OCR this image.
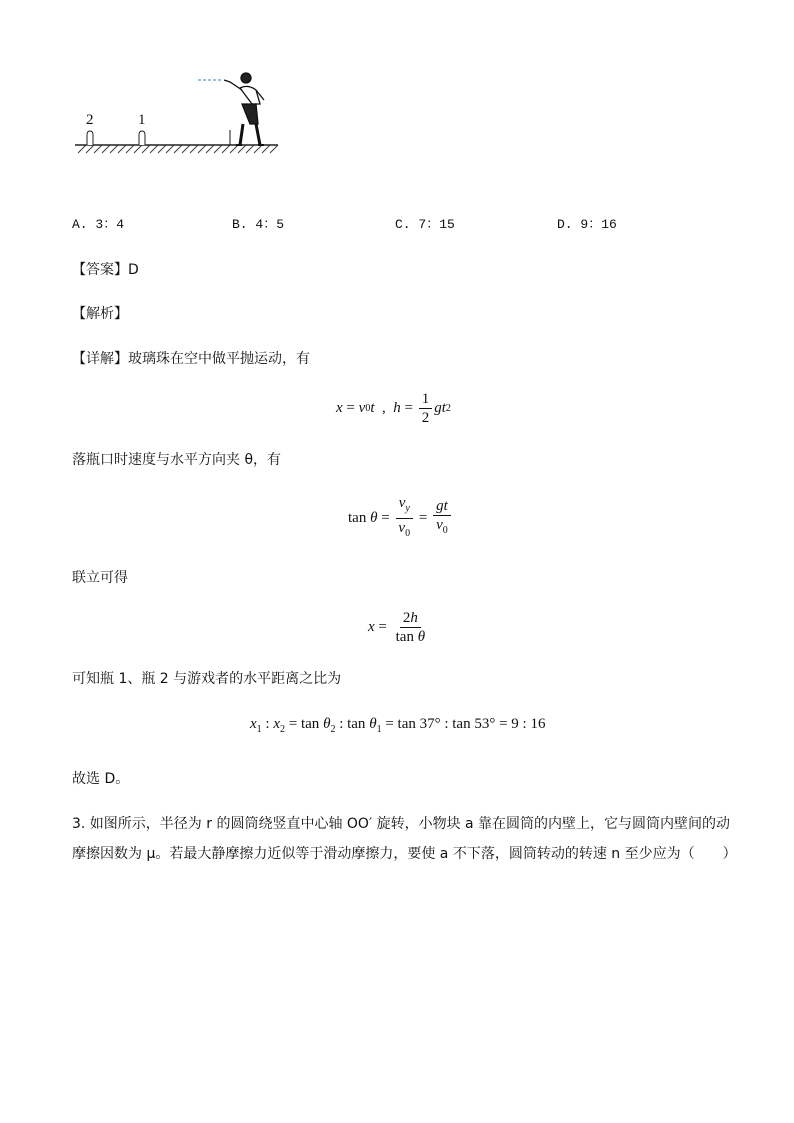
2	1
A. 3：4	B. 4：5	C. 7：15	D. 9：16
【答案】D
【解析】
【详解】玻璃珠在空中做平抛运动，有
x = v 0 t , $h = \frac{1}{2}$ gt 2
落瓶口时速度与水平方向夹 θ，有
$\tan \theta = \frac{v_y}{v_0} = \frac{gt}{v_0}$
联立可得
$x = \frac{2h}{\text{tan θ}}$
可知瓶 1、瓶 2 与游戏者的水平距离之比为
$x_1$ : $x_2 = \tan \theta_2$ : $\tan \theta_1 = \tan 37^\circ$ : tan 53° = 9 : 16
故选 D。
3. 如图所示，半径为 r 的圆筒绕竖直中心轴 OO′ 旋转，小物块 a 靠在圆筒的内壁上，它与圆筒内壁间的动
摩擦因数为 μ。若最大静摩擦力近似等于滑动摩擦力，要使 a 不下落，圆筒转动的转速 n 至少应为（　　）
